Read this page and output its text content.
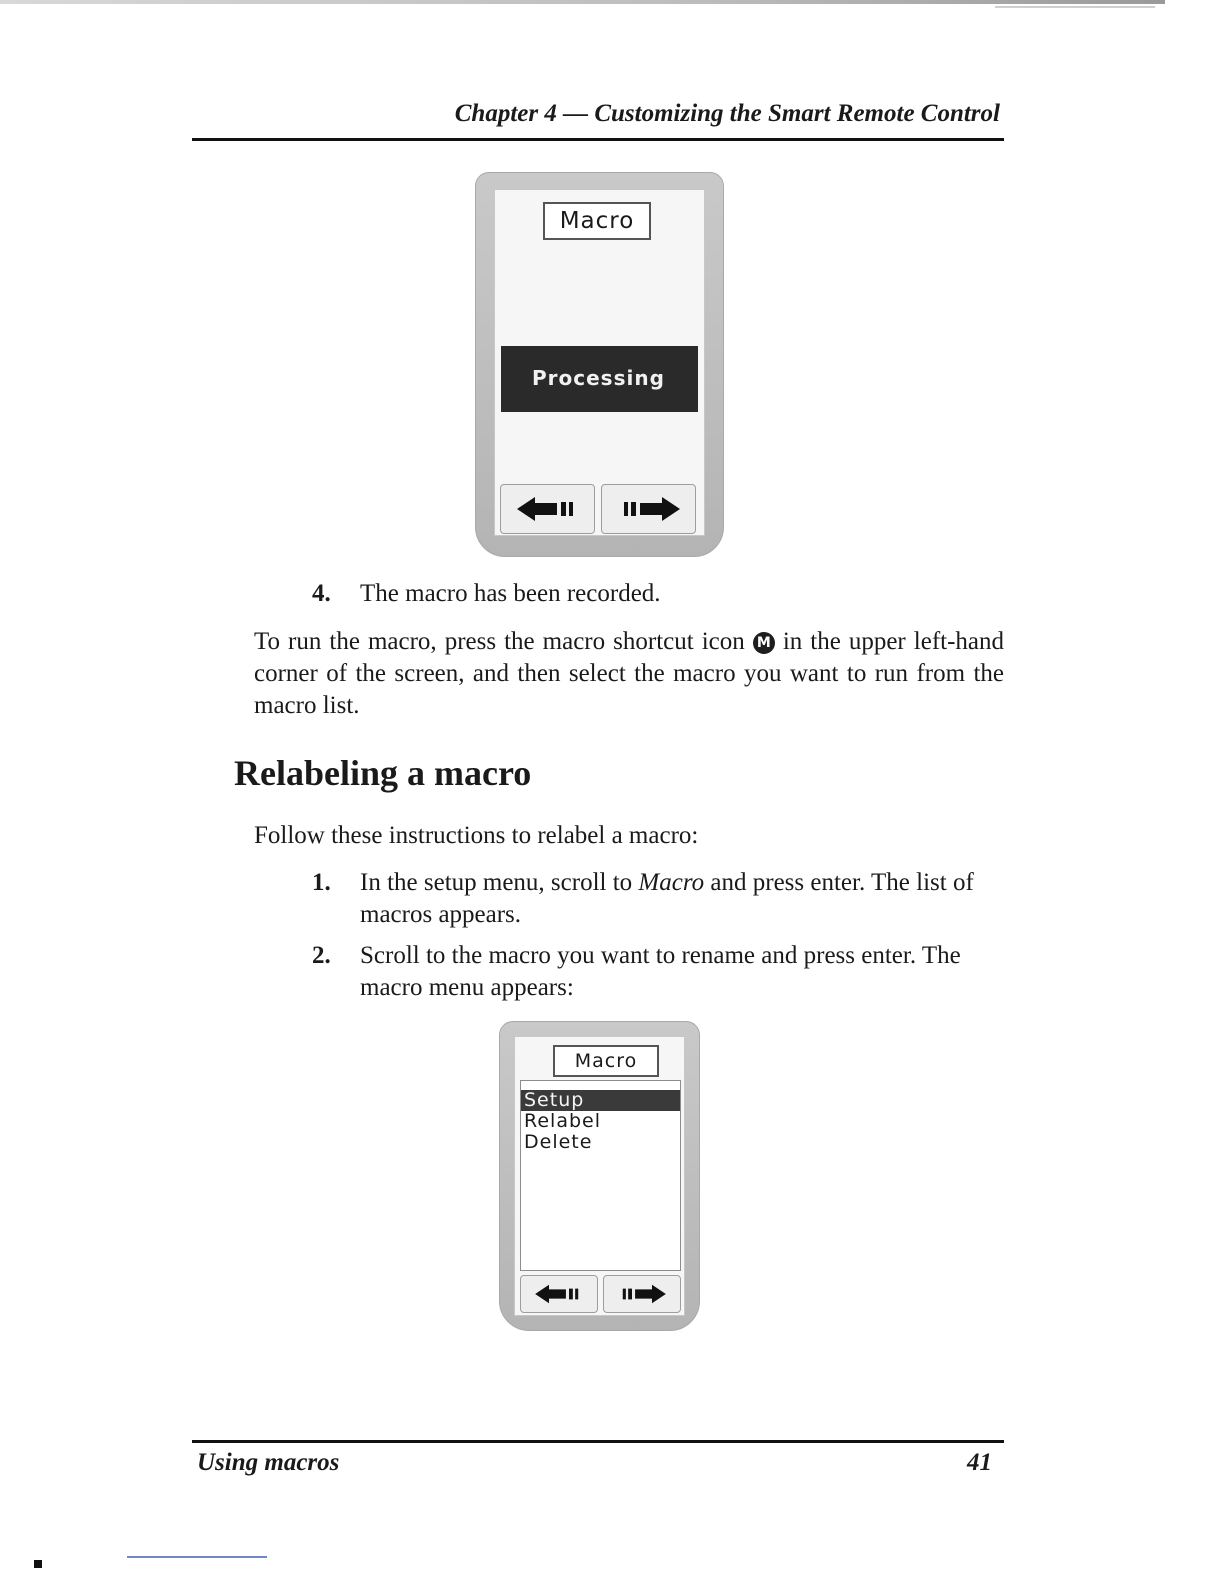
Chapter 4 — Customizing the Smart Remote Control
Macro
Processing
4. The macro has been recorded.
To run the macro, press the macro shortcut icon M in the upper left-hand corner of the screen, and then select the macro you want to run from the macro list.
Relabeling a macro
Follow these instructions to relabel a macro:
1. In the setup menu, scroll to Macro and press enter. The list of macros appears.
2. Scroll to the macro you want to rename and press enter. The macro menu appears:
Macro
Setup
Relabel
Delete
Using macros	41
